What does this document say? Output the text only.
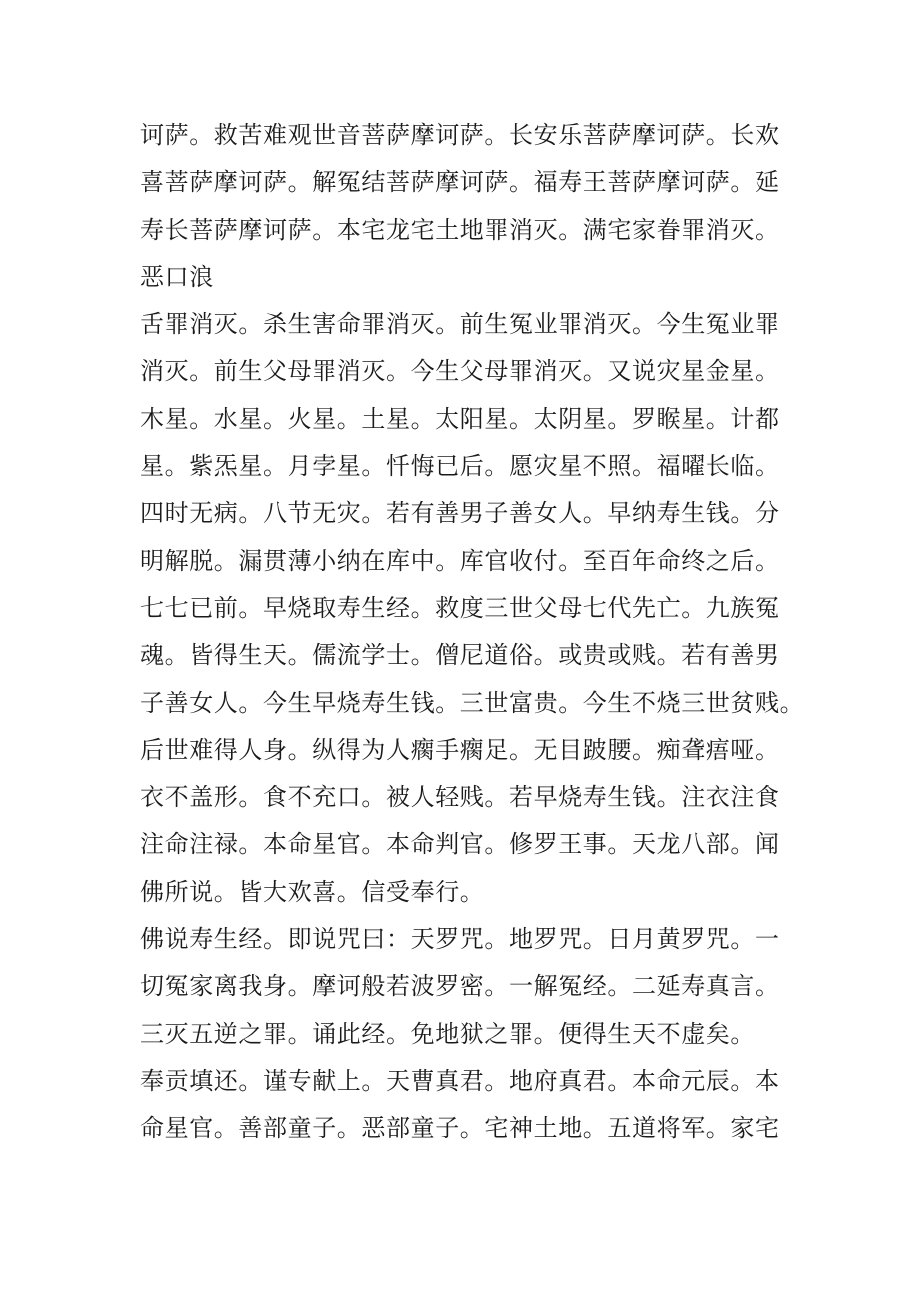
诃萨。救苦难观世音菩萨摩诃萨。长安乐菩萨摩诃萨。长欢
喜菩萨摩诃萨。解冤结菩萨摩诃萨。福寿王菩萨摩诃萨。延
寿长菩萨摩诃萨。本宅龙宅土地罪消灭。满宅家眷罪消灭。
恶口浪
舌罪消灭。杀生害命罪消灭。前生冤业罪消灭。今生冤业罪
消灭。前生父母罪消灭。今生父母罪消灭。又说灾星金星。
木星。水星。火星。土星。太阳星。太阴星。罗睺星。计都
星。紫炁星。月孛星。忏悔已后。愿灾星不照。福曜长临。
四时无病。八节无灾。若有善男子善女人。早纳寿生钱。分
明解脱。漏贯薄小纳在库中。库官收付。至百年命终之后。
七七已前。早烧取寿生经。救度三世父母七代先亡。九族冤
魂。皆得生天。儒流学士。僧尼道俗。或贵或贱。若有善男
子善女人。今生早烧寿生钱。三世富贵。今生不烧三世贫贱。
后世难得人身。纵得为人瘸手瘸足。无目跛腰。痴聋痦哑。
衣不盖形。食不充口。被人轻贱。若早烧寿生钱。注衣注食
注命注禄。本命星官。本命判官。修罗王事。天龙八部。闻
佛所说。皆大欢喜。信受奉行。
佛说寿生经。即说咒曰：天罗咒。地罗咒。日月黄罗咒。一
切冤家离我身。摩诃般若波罗密。一解冤经。二延寿真言。
三灭五逆之罪。诵此经。免地狱之罪。便得生天不虚矣。
奉贡填还。谨专献上。天曹真君。地府真君。本命元辰。本
命星官。善部童子。恶部童子。宅神土地。五道将军。家宅
